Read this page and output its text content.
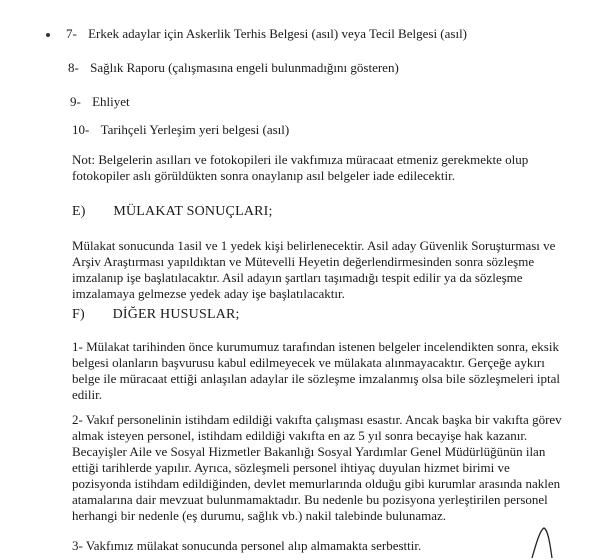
7- Erkek adaylar için Askerlik Terhis Belgesi (asıl) veya Tecil Belgesi (asıl)
8- Sağlık Raporu (çalışmasına engeli bulunmadığını gösteren)
9- Ehliyet
10- Tarihçeli Yerleşim yeri belgesi (asıl)
Not: Belgelerin asılları ve fotokopileri ile vakfımıza müracaat etmeniz gerekmekte olup
fotokopiler aslı görüldükten sonra onaylanıp asıl belgeler iade edilecektir.
E) MÜLAKAT SONUÇLARI;
Mülakat sonucunda 1asil ve 1 yedek kişi belirlenecektir. Asil aday Güvenlik Soruşturması ve
Arşiv Araştırması yapıldıktan ve Mütevelli Heyetin değerlendirmesinden sonra sözleşme
imzalanıp işe başlatılacaktır. Asil adayın şartları taşımadığı tespit edilir ya da sözleşme
imzalamaya gelmezse yedek aday işe başlatılacaktır.
F) DİĞER HUSUSLAR;
1- Mülakat tarihinden önce kurumumuz tarafından istenen belgeler incelendikten sonra, eksik
belgesi olanların başvurusu kabul edilmeyecek ve mülakata alınmayacaktır. Gerçeğe aykırı
belge ile müracaat ettiği anlaşılan adaylar ile sözleşme imzalanmış olsa bile sözleşmeleri iptal
edilir.
2- Vakıf personelinin istihdam edildiği vakıfta çalışması esastır. Ancak başka bir vakıfta görev
almak isteyen personel, istihdam edildiği vakıfta en az 5 yıl sonra becayişe hak kazanır.
Becayişler Aile ve Sosyal Hizmetler Bakanlığı Sosyal Yardımlar Genel Müdürlüğünün ilan
ettiği tarihlerde yapılır. Ayrıca, sözleşmeli personel ihtiyaç duyulan hizmet birimi ve
pozisyonda istihdam edildiğinden, devlet memurlarında olduğu gibi kurumlar arasında naklen
atamalarına dair mevzuat bulunmamaktadır. Bu nedenle bu pozisyona yerleştirilen personel
herhangi bir nedenle (eş durumu, sağlık vb.) nakil talebinde bulunamaz.
3- Vakfımız mülakat sonucunda personel alıp almamakta serbesttir.
